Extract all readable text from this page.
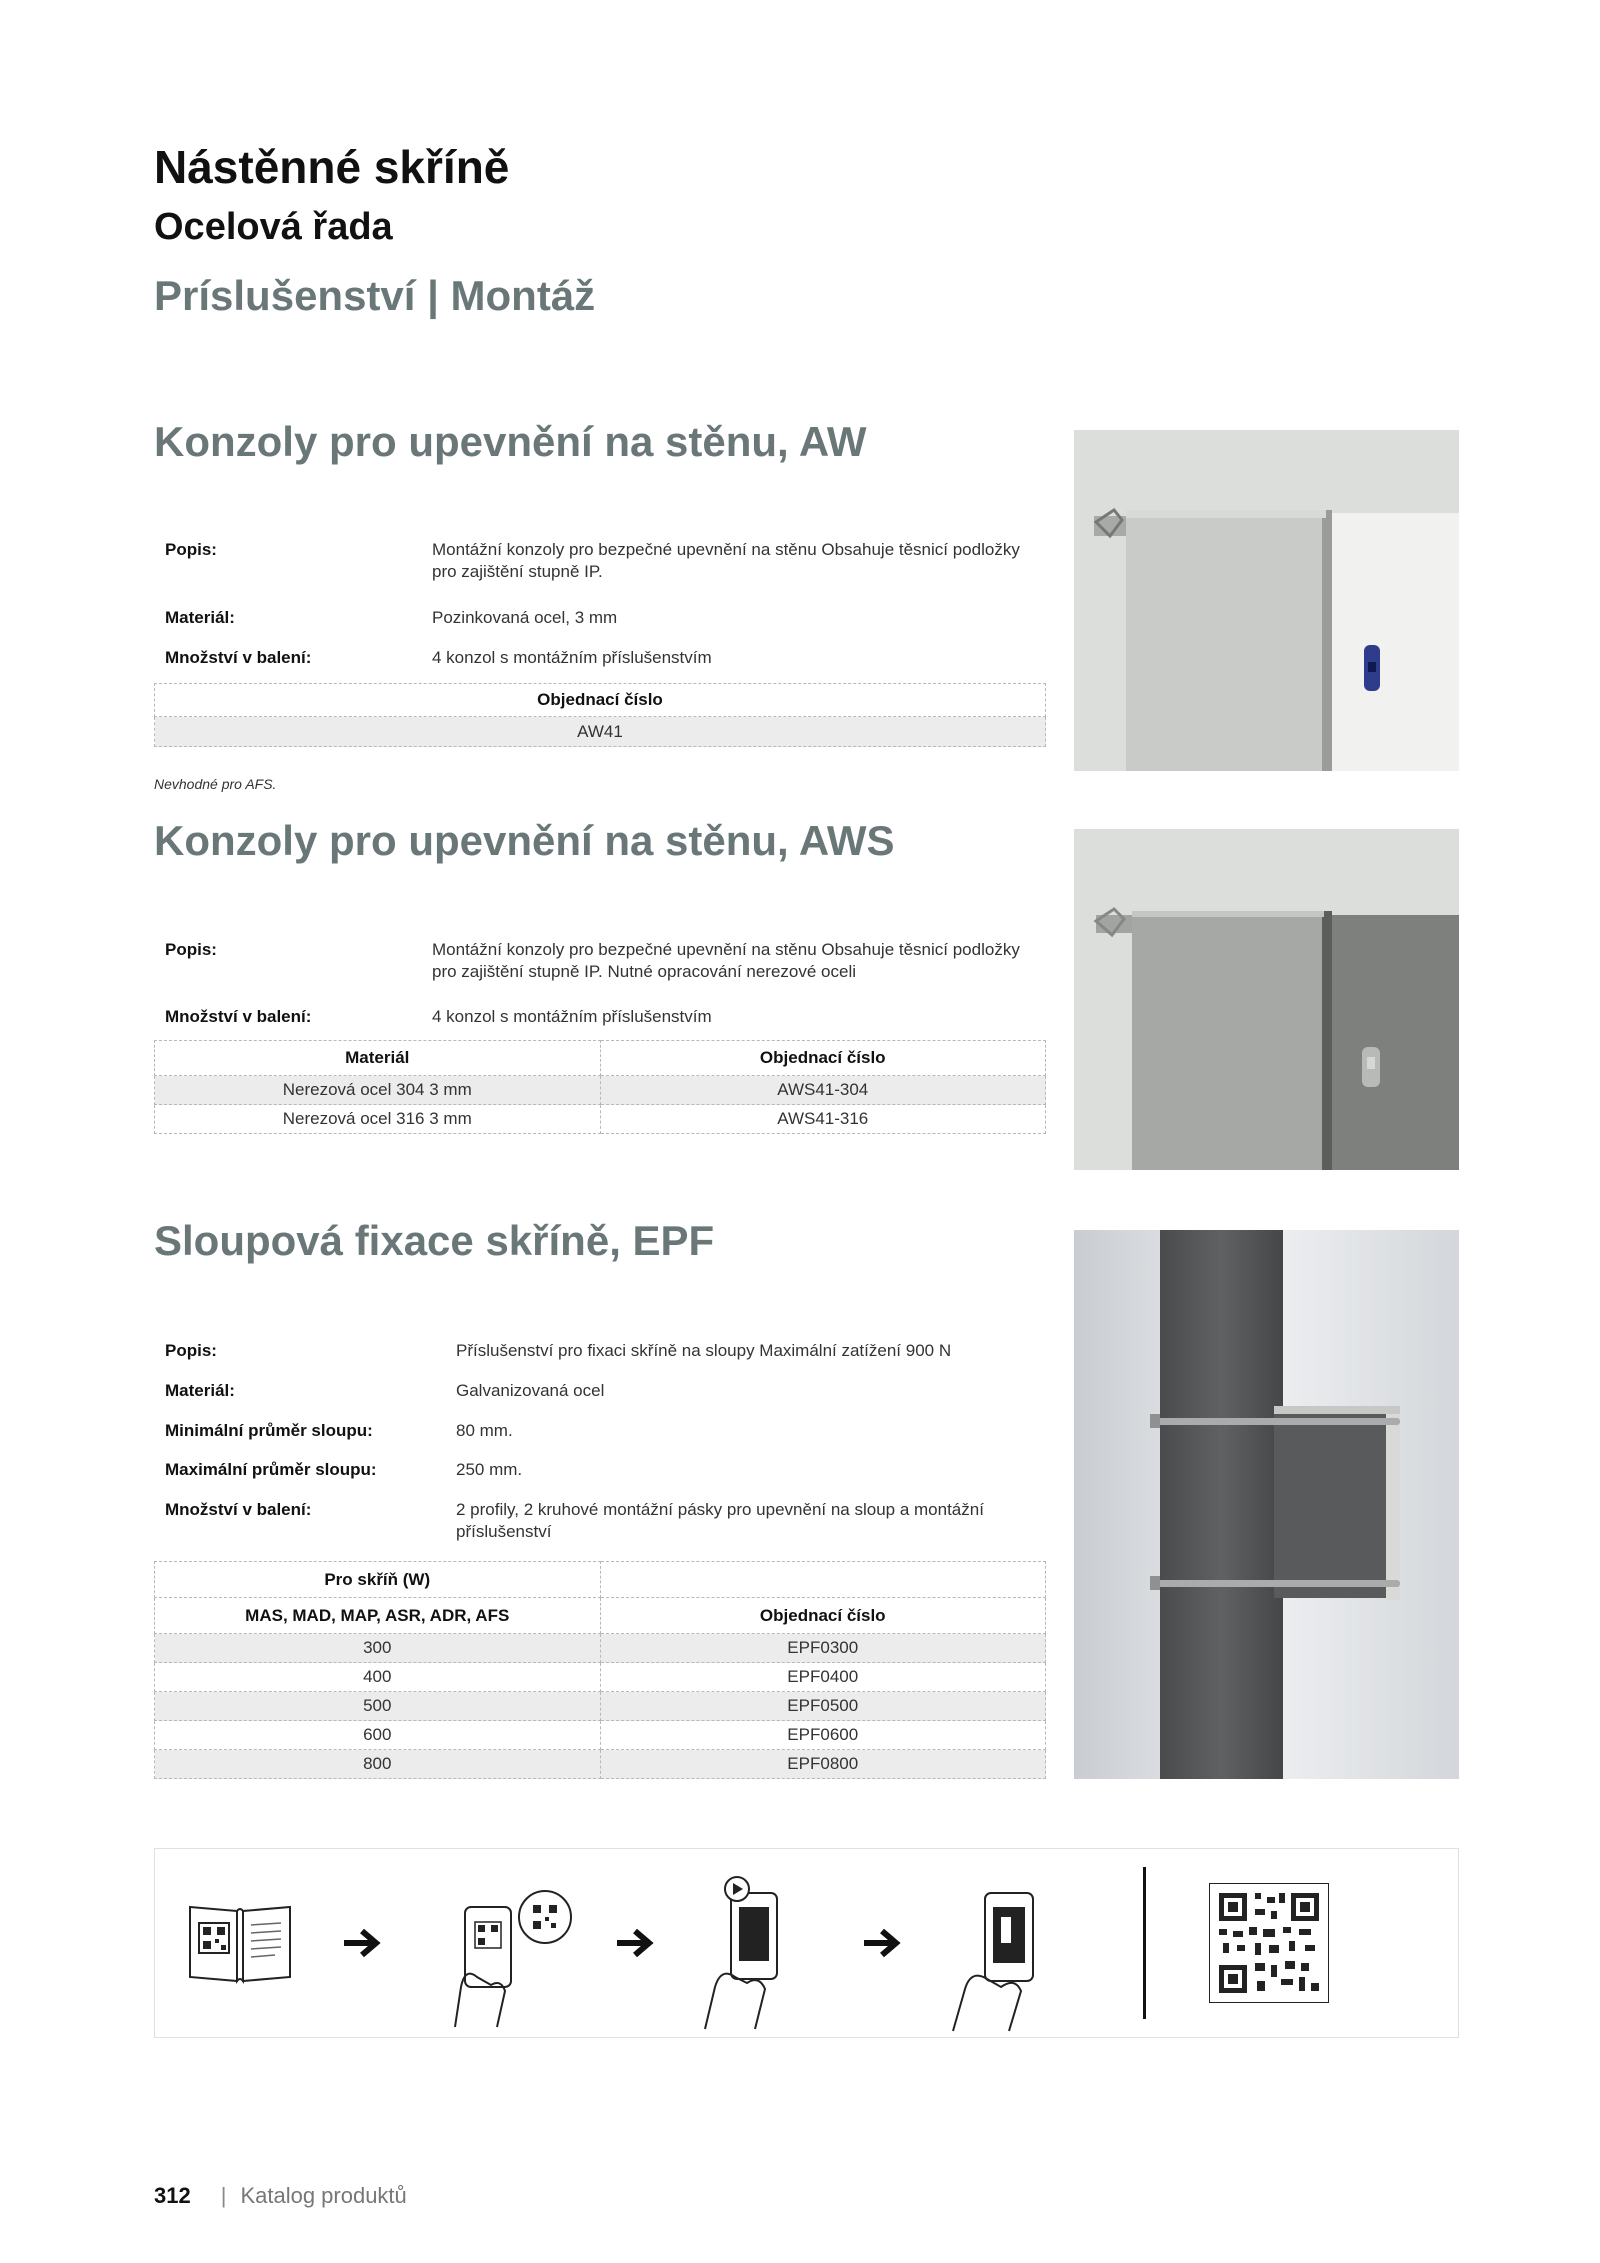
Nástěnné skříně
Ocelová řada
Príslušenství | Montáž
Konzoly pro upevnění na stěnu, AW
Popis:	Montážní konzoly pro bezpečné upevnění na stěnu Obsahuje těsnicí podložky pro zajištění stupně IP.
Materiál:	Pozinkovaná ocel, 3 mm
Množství v balení:	4 konzol s montážním příslušenstvím
Objednací číslo
AW41
Nevhodné pro AFS.
Konzoly pro upevnění na stěnu, AWS
Popis:	Montážní konzoly pro bezpečné upevnění na stěnu Obsahuje těsnicí podložky pro zajištění stupně IP. Nutné opracování nerezové oceli
Množství v balení:	4 konzol s montážním příslušenstvím
Materiál	Objednací číslo
Nerezová ocel 304 3 mm	AWS41-304
Nerezová ocel 316 3 mm	AWS41-316
Sloupová fixace skříně, EPF
Popis:	Příslušenství pro fixaci skříně na sloupy Maximální zatížení 900 N
Materiál:	Galvanizovaná ocel
Minimální průměr sloupu:	80 mm.
Maximální průměr sloupu:	250 mm.
Množství v balení:	2 profily, 2 kruhové montážní pásky pro upevnění na sloup a montážní příslušenství
Pro skříň (W)	
MAS, MAD, MAP, ASR, ADR, AFS	Objednací číslo
300	EPF0300
400	EPF0400
500	EPF0500
600	EPF0600
800	EPF0800
312 | Katalog produktů
